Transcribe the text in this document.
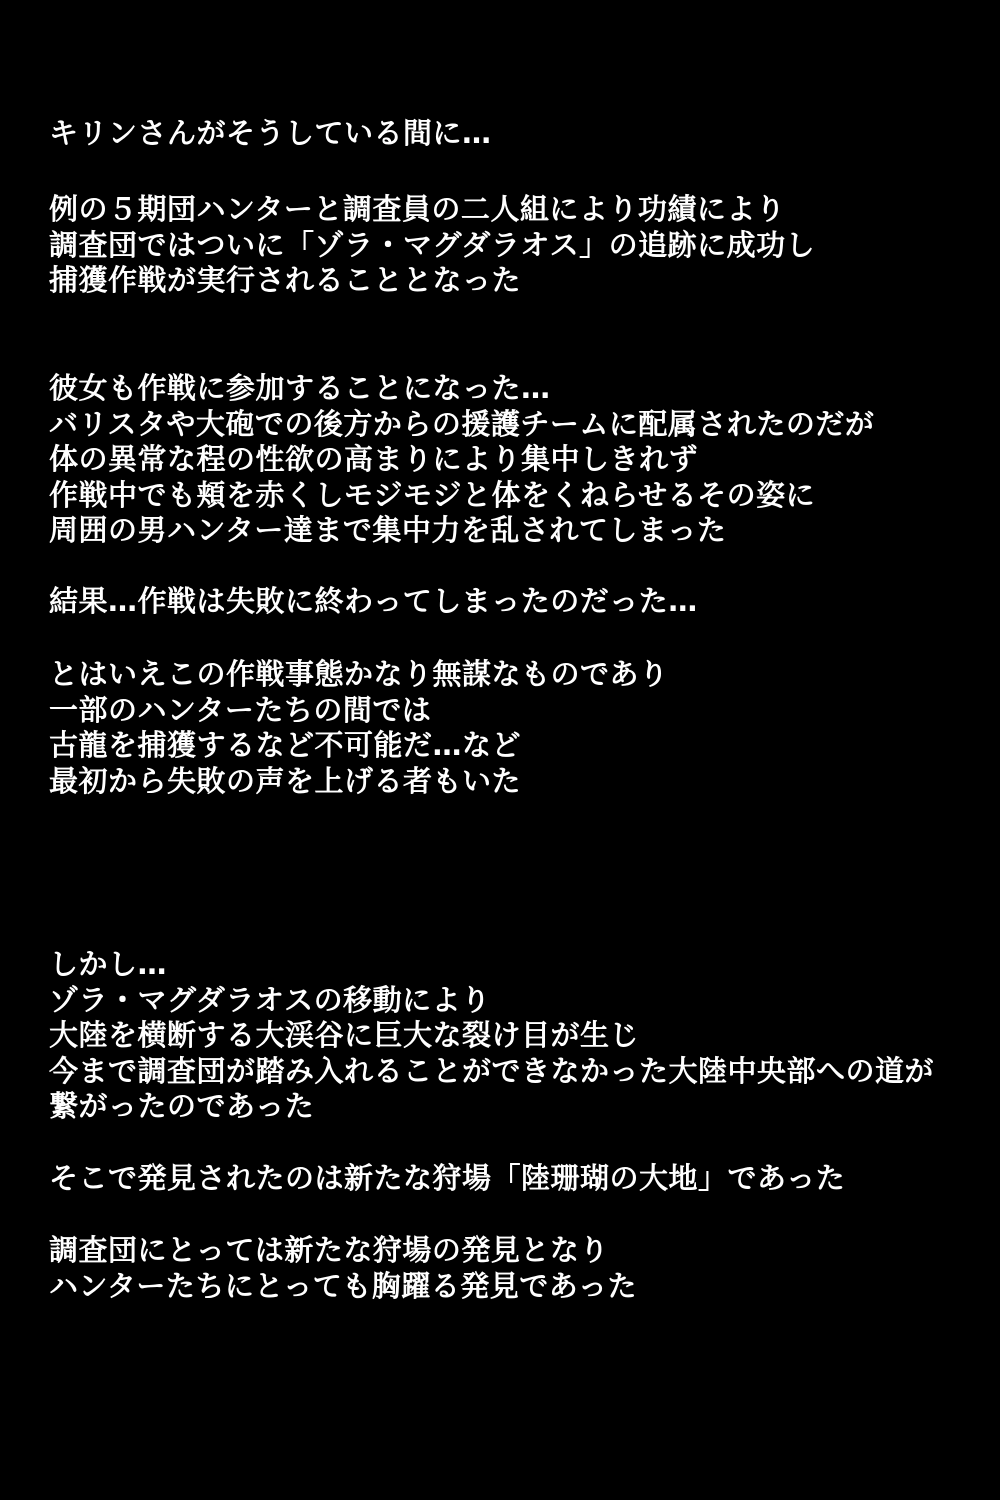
キリンさんがそうしている間に…
例の５期団ハンターと調査員の二人組により功績により
調査団ではついに「ゾラ・マグダラオス」の追跡に成功し
捕獲作戦が実行されることとなった
彼女も作戦に参加することになった…
バリスタや大砲での後方からの援護チームに配属されたのだが
体の異常な程の性欲の高まりにより集中しきれず
作戦中でも頬を赤くしモジモジと体をくねらせるその姿に
周囲の男ハンター達まで集中力を乱されてしまった
結果…作戦は失敗に終わってしまったのだった…
とはいえこの作戦事態かなり無謀なものであり
一部のハンターたちの間では
古龍を捕獲するなど不可能だ…など
最初から失敗の声を上げる者もいた
しかし…
ゾラ・マグダラオスの移動により
大陸を横断する大渓谷に巨大な裂け目が生じ
今まで調査団が踏み入れることができなかった大陸中央部への道が
繋がったのであった
そこで発見されたのは新たな狩場「陸珊瑚の大地」であった
調査団にとっては新たな狩場の発見となり
ハンターたちにとっても胸躍る発見であった
